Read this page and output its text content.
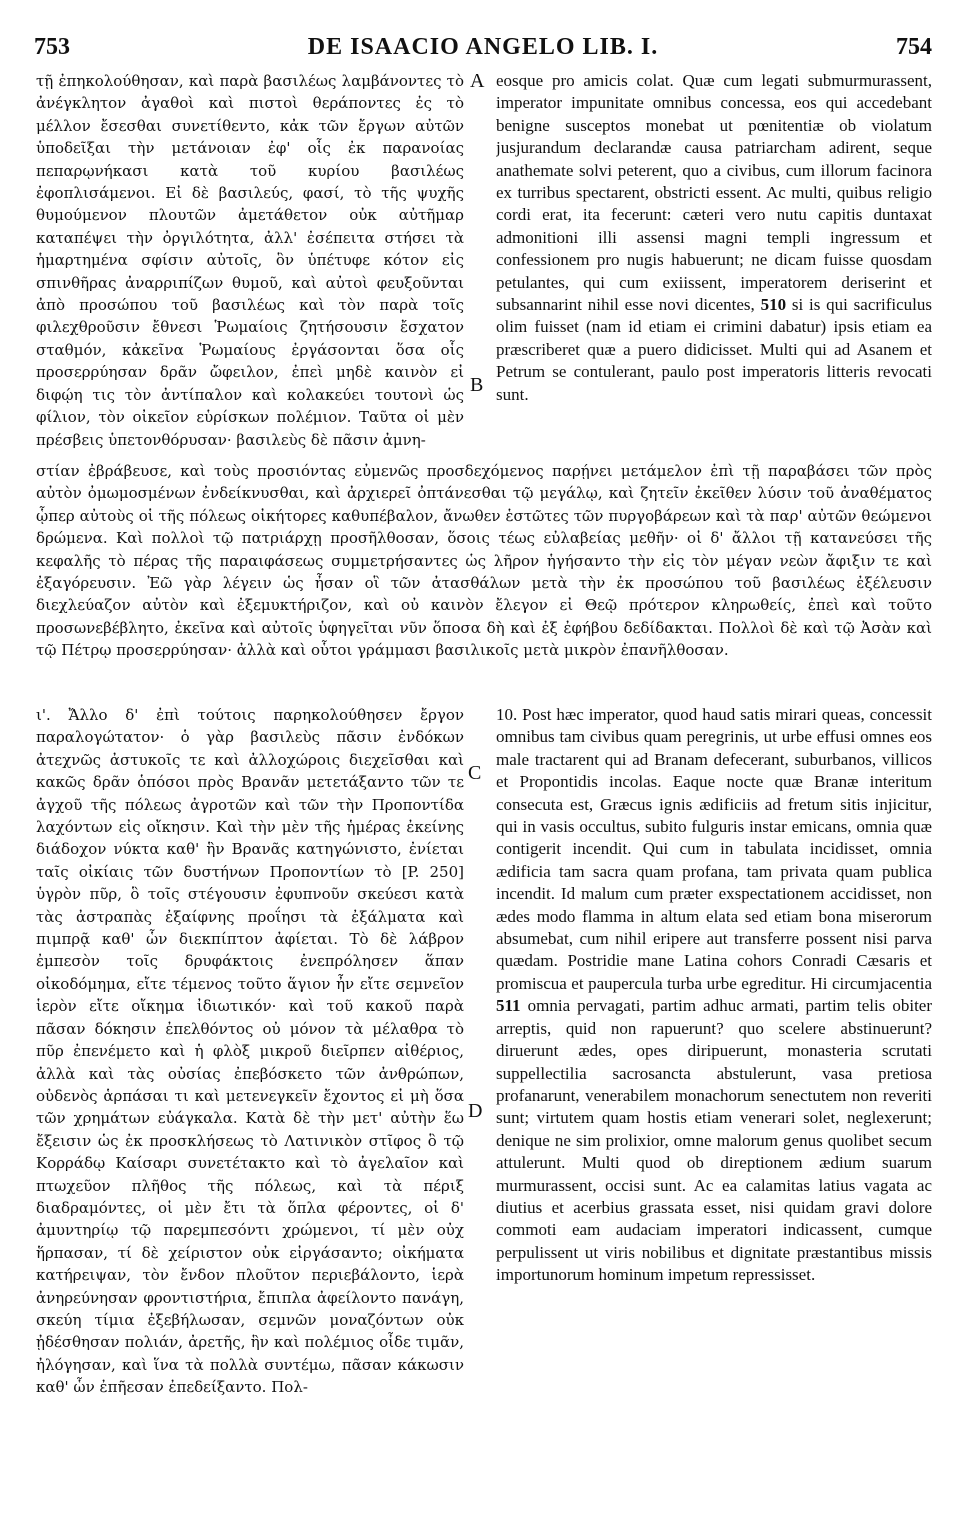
753	DE ISAACIO ANGELO LIB. I.	754

τῇ ἐπηκολούθησαν, καὶ παρὰ βασιλέως λαμβάνοντες τὸ ἀνέγκλητον ἀγαθοὶ καὶ πιστοὶ θεράποντες ἐς τὸ μέλλον ἔσεσθαι συνετίθεντο, κἀκ τῶν ἔργων αὐτῶν ὑποδεῖξαι τὴν μετάνοιαν ἐφ' οἷς ἐκ παρανοίας πεπαρῳνήκασι κατὰ τοῦ κυρίου βασιλέως ἐφοπλισάμενοι. Εἰ δὲ βασιλεύς, φασί, τὸ τῆς ψυχῆς θυμούμενον πλουτῶν ἀμετάθετον οὐκ αὐτῆμαρ καταπέψει τὴν ὀργιλότητα, ἀλλ' ἐσέπειτα στήσει τὰ ἡμαρτημένα σφίσιν αὐτοῖς, ὃν ὑπέτυφε κότον εἰς σπινθῆρας ἀναρριπίζων θυμοῦ, καὶ αὐτοὶ φευξοῦνται ἀπὸ προσώπου τοῦ βασιλέως καὶ τὸν παρὰ τοῖς φιλεχθροῦσιν ἔθνεσι Ῥωμαίοις ζητήσουσιν ἔσχατον σταθμόν, κἀκεῖνα Ῥωμαίους ἐργάσονται ὅσα οἷς προσερρύησαν δρᾶν ὤφειλον, ἐπεὶ μηδὲ καινὸν εἰ διφῴη τις τὸν ἀντίπαλον καὶ κολακεύει τουτονὶ ὡς φίλιον, τὸν οἰκεῖον εὑρίσκων πολέμιον. Ταῦτα οἱ μὲν πρέσβεις ὑπετονθόρυσαν· βασιλεὺς δὲ πᾶσιν ἀμνη-

A
B

eosque pro amicis colat. Quæ cum legati submurmurassent, imperator impunitate omnibus concessa, eos qui accedebant benigne susceptos monebat ut pœnitentiæ ob violatum jusjurandum declarandæ causa patriarcham adirent, seque anathemate solvi peterent, quo a civibus, cum illorum facinora ex turribus spectarent, obstricti essent. Ac multi, quibus religio cordi erat, ita fecerunt: cæteri vero nutu capitis duntaxat admonitioni illi assensi magni templi ingressum et confessionem pro nugis habuerunt; ne dicam fuisse quosdam petulantes, qui cum exiissent, imperatorem deriserint et subsannarint nihil esse novi dicentes, 510 si is qui sacrificulus olim fuisset (nam id etiam ei crimini dabatur) ipsis etiam ea præscriberet quæ a puero didicisset. Multi qui ad Asanem et Petrum se contulerant, paulo post imperatoris litteris revocati sunt.

στίαν ἐβράβευσε, καὶ τοὺς προσιόντας εὐμενῶς προσδεχόμενος παρῄνει μετάμελον ἐπὶ τῇ παραβάσει τῶν πρὸς αὐτὸν ὀμωμοσμένων ἐνδείκνυσθαι, καὶ ἀρχιερεῖ ὀπτάνεσθαι τῷ μεγάλῳ, καὶ ζητεῖν ἐκεῖθεν λύσιν τοῦ ἀναθέματος ᾧπερ αὐτοὺς οἱ τῆς πόλεως οἰκήτορες καθυπέβαλον, ἄνωθεν ἑστῶτες τῶν πυργοβάρεων καὶ τὰ παρ' αὐτῶν θεώμενοι δρώμενα. Καὶ πολλοὶ τῷ πατριάρχῃ προσῆλθοσαν, ὅσοις τέως εὐλαβείας μεθῆν· οἱ δ' ἄλλοι τῇ κατανεύσει τῆς κεφαλῆς τὸ πέρας τῆς παραιφάσεως συμμετρήσαντες ὡς λῆρον ἡγήσαντο τὴν εἰς τὸν μέγαν νεὼν ἄφιξιν τε καὶ ἐξαγόρευσιν. Ἐῶ γὰρ λέγειν ὡς ἦσαν οἳ τῶν ἀτασθάλων μετὰ τὴν ἐκ προσώπου τοῦ βασιλέως ἐξέλευσιν διεχλεύαζον αὐτὸν καὶ ἐξεμυκτήριζον, καὶ οὐ καινὸν ἔλεγον εἰ Θεῷ πρότερον κληρωθείς, ἐπεὶ καὶ τοῦτο προσωνεβέβλητο, ἐκεῖνα καὶ αὐτοῖς ὑφηγεῖται νῦν ὅποσα δὴ καὶ ἐξ ἐφήβου δεδίδακται. Πολλοὶ δὲ καὶ τῷ Ἀσὰν καὶ τῷ Πέτρῳ προσερρύησαν· ἀλλὰ καὶ οὗτοι γράμμασι βασιλικοῖς μετὰ μικρὸν ἐπανῆλθοσαν.

ι'. Ἄλλο δ' ἐπὶ τούτοις παρηκολούθησεν ἔργον παραλογώτατον· ὁ γὰρ βασιλεὺς πᾶσιν ἐνδόκων ἀτεχνῶς ἀστυκοῖς τε καὶ ἀλλοχώροις διεχεῖσθαι καὶ κακῶς δρᾶν ὁπόσοι πρὸς Βρανᾶν μετετάξαντο τῶν τε ἀγχοῦ τῆς πόλεως ἀγροτῶν καὶ τῶν τὴν Προποντίδα λαχόντων εἰς οἴκησιν. Καὶ τὴν μὲν τῆς ἡμέρας ἐκείνης διάδοχον νύκτα καθ' ἣν Βρανᾶς κατηγώνιστο, ἐνίεται ταῖς οἰκίαις τῶν δυστήνων Προποντίων τὸ [P. 250] ὑγρὸν πῦρ, ὃ τοῖς στέγουσιν ἐφυπνοῦν σκεύεσι κατὰ τὰς ἀστραπὰς ἐξαίφνης προΐησι τὰ ἐξάλματα καὶ πιμπρᾷ καθ' ὧν διεκπίπτον ἀφίεται. Τὸ δὲ λάβρον ἐμπεσὸν τοῖς δρυφάκτοις ἐνεπρόλησεν ἅπαν οἰκοδόμημα, εἴτε τέμενος τοῦτο ἅγιον ἦν εἴτε σεμνεῖον ἱερὸν εἴτε οἴκημα ἰδιωτικόν· καὶ τοῦ κακοῦ παρὰ πᾶσαν δόκησιν ἐπελθόντος οὐ μόνον τὰ μέλαθρα τὸ πῦρ ἐπενέμετο καὶ ἡ φλὸξ μικροῦ διεῖρπεν αἰθέριος, ἀλλὰ καὶ τὰς οὐσίας ἐπεβόσκετο τῶν ἀνθρώπων, οὐδενὸς ἁρπάσαι τι καὶ μετενεγκεῖν ἔχοντος εἰ μὴ ὅσα τῶν χρημάτων εὐάγκαλα. Κατὰ δὲ τὴν μετ' αὐτὴν ἕω ἔξεισιν ὡς ἐκ προσκλήσεως τὸ Λατινικὸν στῖφος ὃ τῷ Κορράδῳ Καίσαρι συνετέτακτο καὶ τὸ ἀγελαῖον καὶ πτωχεῦον πλῆθος τῆς πόλεως, καὶ τὰ πέριξ διαδραμόντες, οἱ μὲν ἔτι τὰ ὅπλα φέροντες, οἱ δ' ἀμυντηρίῳ τῷ παρεμπεσόντι χρώμενοι, τί μὲν οὐχ ἥρπασαν, τί δὲ χείριστον οὐκ εἰργάσαντο; οἰκήματα κατήρειψαν, τὸν ἔνδον πλοῦτον περιεβάλοντο, ἱερὰ ἀνηρεύνησαν φροντιστήρια, ἔπιπλα ἀφείλοντο πανάγη, σκεύη τίμια ἐξεβήλωσαν, σεμνῶν μοναζόντων οὐκ ᾐδέσθησαν πολιάν, ἀρετῆς, ἣν καὶ πολέμιος οἶδε τιμᾶν, ἠλόγησαν, καὶ ἵνα τὰ πολλὰ συντέμω, πᾶσαν κάκωσιν καθ' ὧν ἐπῆεσαν ἐπεδείξαντο. Πολ-

C
D

10. Post hæc imperator, quod haud satis mirari queas, concessit omnibus tam civibus quam peregrinis, ut urbe effusi omnes eos male tractarent qui ad Branam defecerant, suburbanos, villicos et Propontidis incolas. Eaque nocte quæ Branæ interitum consecuta est, Græcus ignis ædificiis ad fretum sitis injicitur, qui in vasis occultus, subito fulguris instar emicans, omnia quæ contigerit incendit. Qui cum in tabulata incidisset, omnia ædificia tam sacra quam profana, tam privata quam publica incendit. Id malum cum præter exspectationem accidisset, non ædes modo flamma in altum elata sed etiam bona miserorum absumebat, cum nihil eripere aut transferre possent nisi parva quædam. Postridie mane Latina cohors Conradi Cæsaris et promiscua et paupercula turba urbe egreditur. Hi circumjacentia 511 omnia pervagati, partim adhuc armati, partim telis obiter arreptis, quid non rapuerunt? quo scelere abstinuerunt? diruerunt ædes, opes diripuerunt, monasteria scrutati suppellectilia sacrosancta abstulerunt, vasa pretiosa profanarunt, venerabilem monachorum senectutem non reveriti sunt; virtutem quam hostis etiam venerari solet, neglexerunt; denique ne sim prolixior, omne malorum genus quolibet secum attulerunt. Multi quod ob direptionem ædium suarum murmurassent, occisi sunt. Ac ea calamitas latius vagata ac diutius et acerbius grassata esset, nisi quidam gravi dolore commoti eam audaciam imperatori indicassent, cumque perpulissent ut viris nobilibus et dignitate præstantibus missis importunorum hominum impetum repressisset.
